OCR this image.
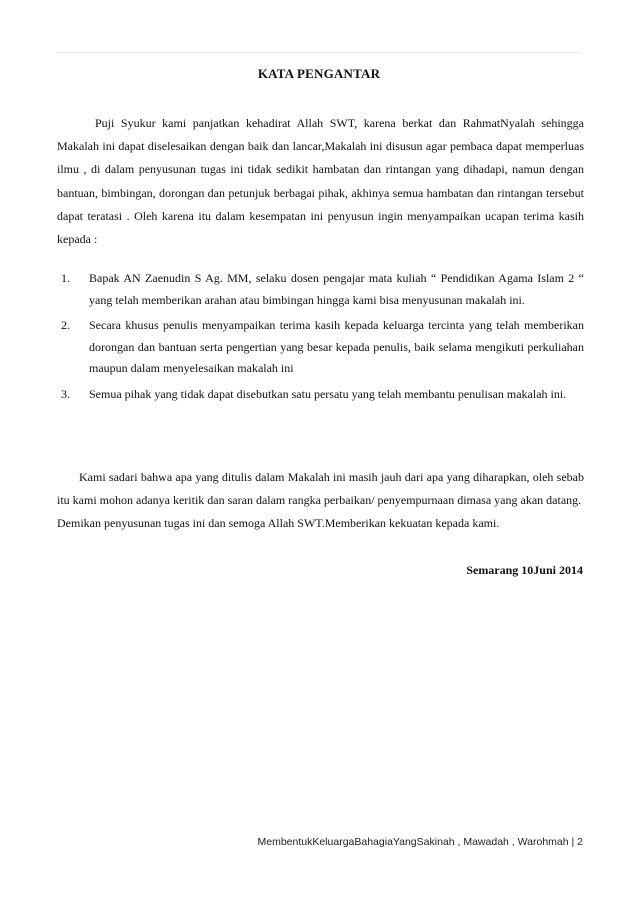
KATA PENGANTAR

Puji Syukur kami panjatkan kehadirat Allah SWT, karena berkat dan RahmatNyalah sehingga Makalah ini dapat diselesaikan dengan baik dan lancar,Makalah ini disusun agar pembaca dapat memperluas ilmu , di dalam penyusunan tugas ini tidak sedikit hambatan dan rintangan yang dihadapi, namun dengan bantuan, bimbingan, dorongan dan petunjuk berbagai pihak, akhinya semua hambatan dan rintangan tersebut dapat teratasi . Oleh karena itu dalam kesempatan ini penyusun ingin menyampaikan ucapan terima kasih kepada :

1. Bapak AN Zaenudin S Ag. MM, selaku dosen pengajar mata kuliah “ Pendidikan Agama Islam 2 “ yang telah memberikan arahan atau bimbingan hingga kami bisa menyusunan makalah ini.
2. Secara khusus penulis menyampaikan terima kasih kepada keluarga tercinta yang telah memberikan dorongan dan bantuan serta pengertian yang besar kepada penulis, baik selama mengikuti perkuliahan maupun dalam menyelesaikan makalah ini
3. Semua pihak yang tidak dapat disebutkan satu persatu yang telah membantu penulisan makalah ini.

Kami sadari bahwa apa yang ditulis dalam Makalah ini masih jauh dari apa yang diharapkan, oleh sebab itu kami mohon adanya keritik dan saran dalam rangka perbaikan/ penyempurnaan dimasa yang akan datang.

Demikan penyusunan tugas ini dan semoga Allah SWT.Memberikan kekuatan kepada kami.

Semarang 10Juni 2014
MembentukKeluargaBahagiaYangSakinah , Mawadah , Warohmah | 2
